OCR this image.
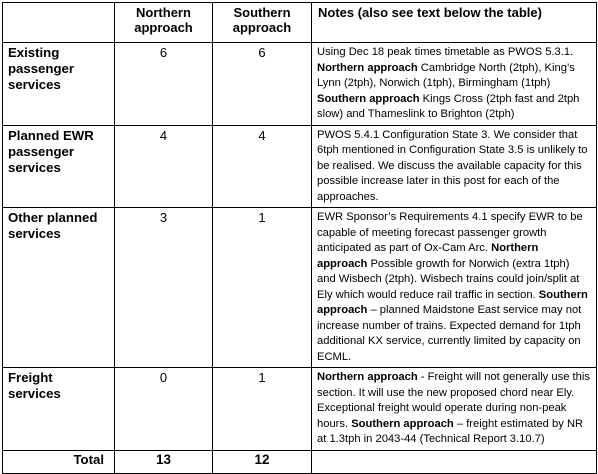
	Northern approach	Southern approach	Notes (also see text below the table)
Existing passenger services	6	6	Using Dec 18 peak times timetable as PWOS 5.3.1. Northern approach Cambridge North (2tph), King’s Lynn (2tph), Norwich (1tph), Birmingham (1tph) Southern approach Kings Cross (2tph fast and 2tph slow) and Thameslink to Brighton (2tph)
Planned EWR passenger services	4	4	PWOS 5.4.1 Configuration State 3. We consider that 6tph mentioned in Configuration State 3.5 is unlikely to be realised. We discuss the available capacity for this possible increase later in this post for each of the approaches.
Other planned services	3	1	EWR Sponsor’s Requirements 4.1 specify EWR to be capable of meeting forecast passenger growth anticipated as part of Ox-Cam Arc. Northern approach Possible growth for Norwich (extra 1tph) and Wisbech (2tph). Wisbech trains could join/split at Ely which would reduce rail traffic in section. Southern approach – planned Maidstone East service may not increase number of trains. Expected demand for 1tph additional KX service, currently limited by capacity on ECML.
Freight services	0	1	Northern approach - Freight will not generally use this section. It will use the new proposed chord near Ely. Exceptional freight would operate during non-peak hours. Southern approach – freight estimated by NR at 1.3tph in 2043-44 (Technical Report 3.10.7)
Total	13	12	
